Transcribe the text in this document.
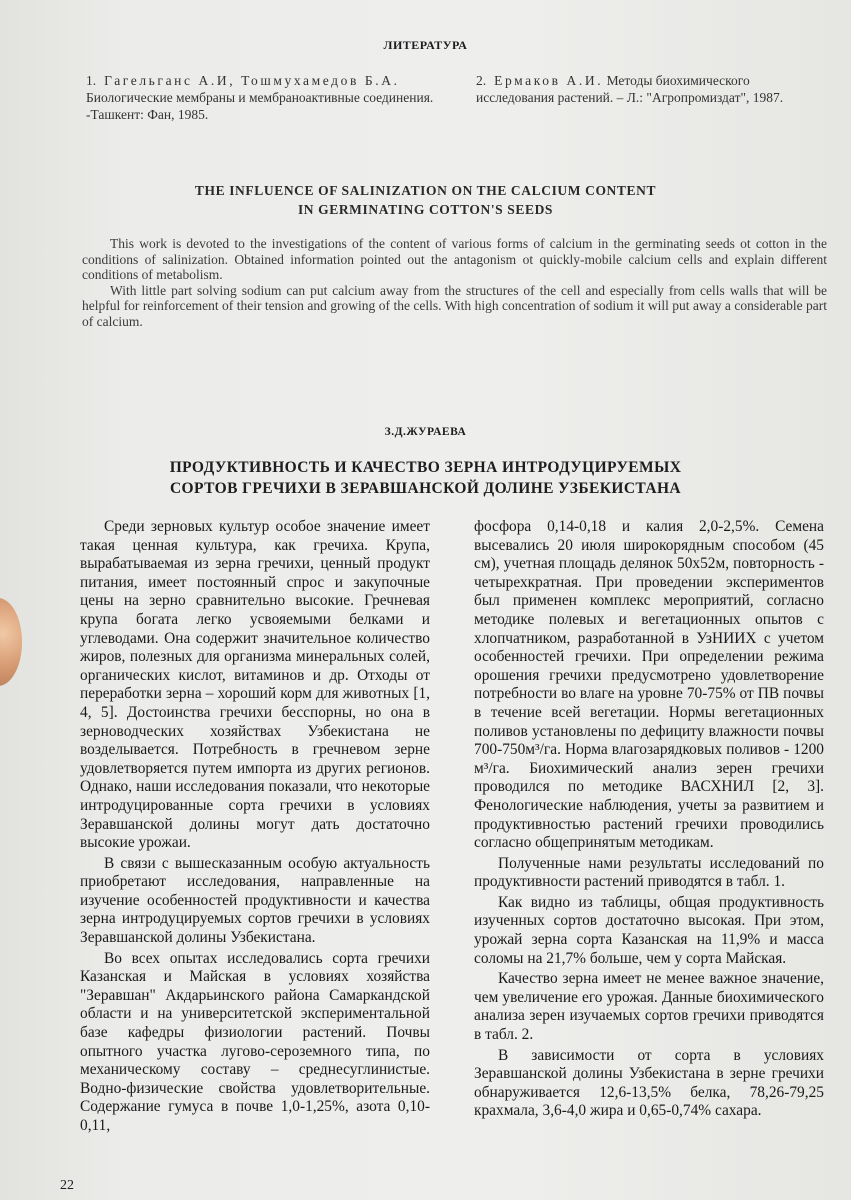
ЛИТЕРАТУРА
1. Гагельганс А.И, Тошмухамедов Б.А. Биологические мембраны и мембраноактивные соединения. -Ташкент: Фан, 1985.
2. Ермаков А.И. Методы биохимического исследования растений. – Л.: "Агропромиздат", 1987.
THE INFLUENCE OF SALINIZATION ON THE CALCIUM CONTENT
IN GERMINATING COTTON'S SEEDS

This work is devoted to the investigations of the content of various forms of calcium in the germinating seeds ot cotton in the conditions of salinization. Obtained information pointed out the antagonism ot quickly-mobile calcium cells and explain different conditions of metabolism.

With little part solving sodium can put calcium away from the structures of the cell and especially from cells walls that will be helpful for reinforcement of their tension and growing of the cells. With high concentration of sodium it will put away a considerable part of calcium.

З.Д.ЖУРАЕВА
ПРОДУКТИВНОСТЬ И КАЧЕСТВО ЗЕРНА ИНТРОДУЦИРУЕМЫХ
СОРТОВ ГРЕЧИХИ В ЗЕРАВШАНСКОЙ ДОЛИНЕ УЗБЕКИСТАНА

Среди зерновых культур особое значение имеет такая ценная культура, как гречиха. Крупа, вырабатываемая из зерна гречихи, ценный продукт питания, имеет постоянный спрос и закупочные цены на зерно сравнительно высокие. Гречневая крупа богата легко усвояемыми белками и углеводами. Она содержит значительное количество жиров, полезных для организма минеральных солей, органических кислот, витаминов и др. Отходы от переработки зерна – хороший корм для животных [1, 4, 5]. Достоинства гречихи бесспорны, но она в зерноводческих хозяйствах Узбекистана не возделывается. Потребность в гречневом зерне удовлетворяется путем импорта из других регионов. Однако, наши исследования показали, что некоторые интродуцированные сорта гречихи в условиях Зеравшанской долины могут дать достаточно высокие урожаи.

В связи с вышесказанным особую актуальность приобретают исследования, направленные на изучение особенностей продуктивности и качества зерна интродуцируемых сортов гречихи в условиях Зеравшанской долины Узбекистана.

Во всех опытах исследовались сорта гречихи Казанская и Майская в условиях хозяйства "Зеравшан" Акдарьинского района Самаркандской области и на университетской экспериментальной базе кафедры физиологии растений. Почвы опытного участка лугово-сероземного типа, по механическому составу – среднесуглинистые. Водно-физические свойства удовлетворительные. Содержание гумуса в почве 1,0-1,25%, азота 0,10-0,11,

фосфора 0,14-0,18 и калия 2,0-2,5%. Семена высевались 20 июля широкорядным способом (45 см), учетная площадь делянок 50х52м, повторность - четырехкратная. При проведении экспериментов был применен комплекс мероприятий, согласно методике полевых и вегетационных опытов с хлопчатником, разработанной в УзНИИХ с учетом особенностей гречихи. При определении режима орошения гречихи предусмотрено удовлетворение потребности во влаге на уровне 70-75% от ПВ почвы в течение всей вегетации. Нормы вегетационных поливов установлены по дефициту влажности почвы 700-750м³/га. Норма влагозарядковых поливов - 1200 м³/га. Биохимический анализ зерен гречихи проводился по методике ВАСХНИЛ [2, 3]. Фенологические наблюдения, учеты за развитием и продуктивностью растений гречихи проводились согласно общепринятым методикам.

Полученные нами результаты исследований по продуктивности растений приводятся в табл. 1.

Как видно из таблицы, общая продуктивность изученных сортов достаточно высокая. При этом, урожай зерна сорта Казанская на 11,9% и масса соломы на 21,7% больше, чем у сорта Майская.

Качество зерна имеет не менее важное значение, чем увеличение его урожая. Данные биохимического анализа зерен изучаемых сортов гречихи приводятся в табл. 2.

В зависимости от сорта в условиях Зеравшанской долины Узбекистана в зерне гречихи обнаруживается 12,6-13,5% белка, 78,26-79,25 крахмала, 3,6-4,0 жира и 0,65-0,74% сахара.

22
